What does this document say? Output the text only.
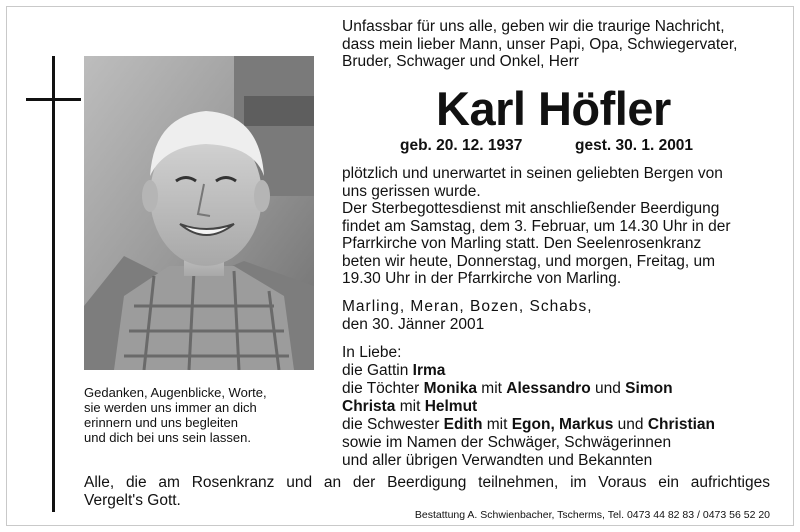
Gedanken, Augenblicke, Worte,
sie werden uns immer an dich
erinnern und uns begleiten
und dich bei uns sein lassen.
Unfassbar für uns alle, geben wir die traurige Nachricht,
dass mein lieber Mann, unser Papi, Opa, Schwiegervater,
Bruder, Schwager und Onkel, Herr
Karl Höfler
geb. 20. 12. 1937	gest. 30. 1. 2001
plötzlich und unerwartet in seinen geliebten Bergen von
uns gerissen wurde.
Der Sterbegottesdienst mit anschließender Beerdigung
findet am Samstag, dem 3. Februar, um 14.30 Uhr in der
Pfarrkirche von Marling statt. Den Seelenrosenkranz
beten wir heute, Donnerstag, und morgen, Freitag, um
19.30 Uhr in der Pfarrkirche von Marling.
Marling, Meran, Bozen, Schabs,
den 30. Jänner 2001
In Liebe:
die Gattin Irma
die Töchter Monika mit Alessandro und Simon
Christa mit Helmut
die Schwester Edith mit Egon, Markus und Christian
sowie im Namen der Schwäger, Schwägerinnen
und aller übrigen Verwandten und Bekannten
Alle, die am Rosenkranz und an der Beerdigung teilnehmen, im Voraus ein aufrichtiges
Vergelt's Gott.
Bestattung A. Schwienbacher, Tscherms, Tel. 0473 44 82 83 / 0473 56 52 20
